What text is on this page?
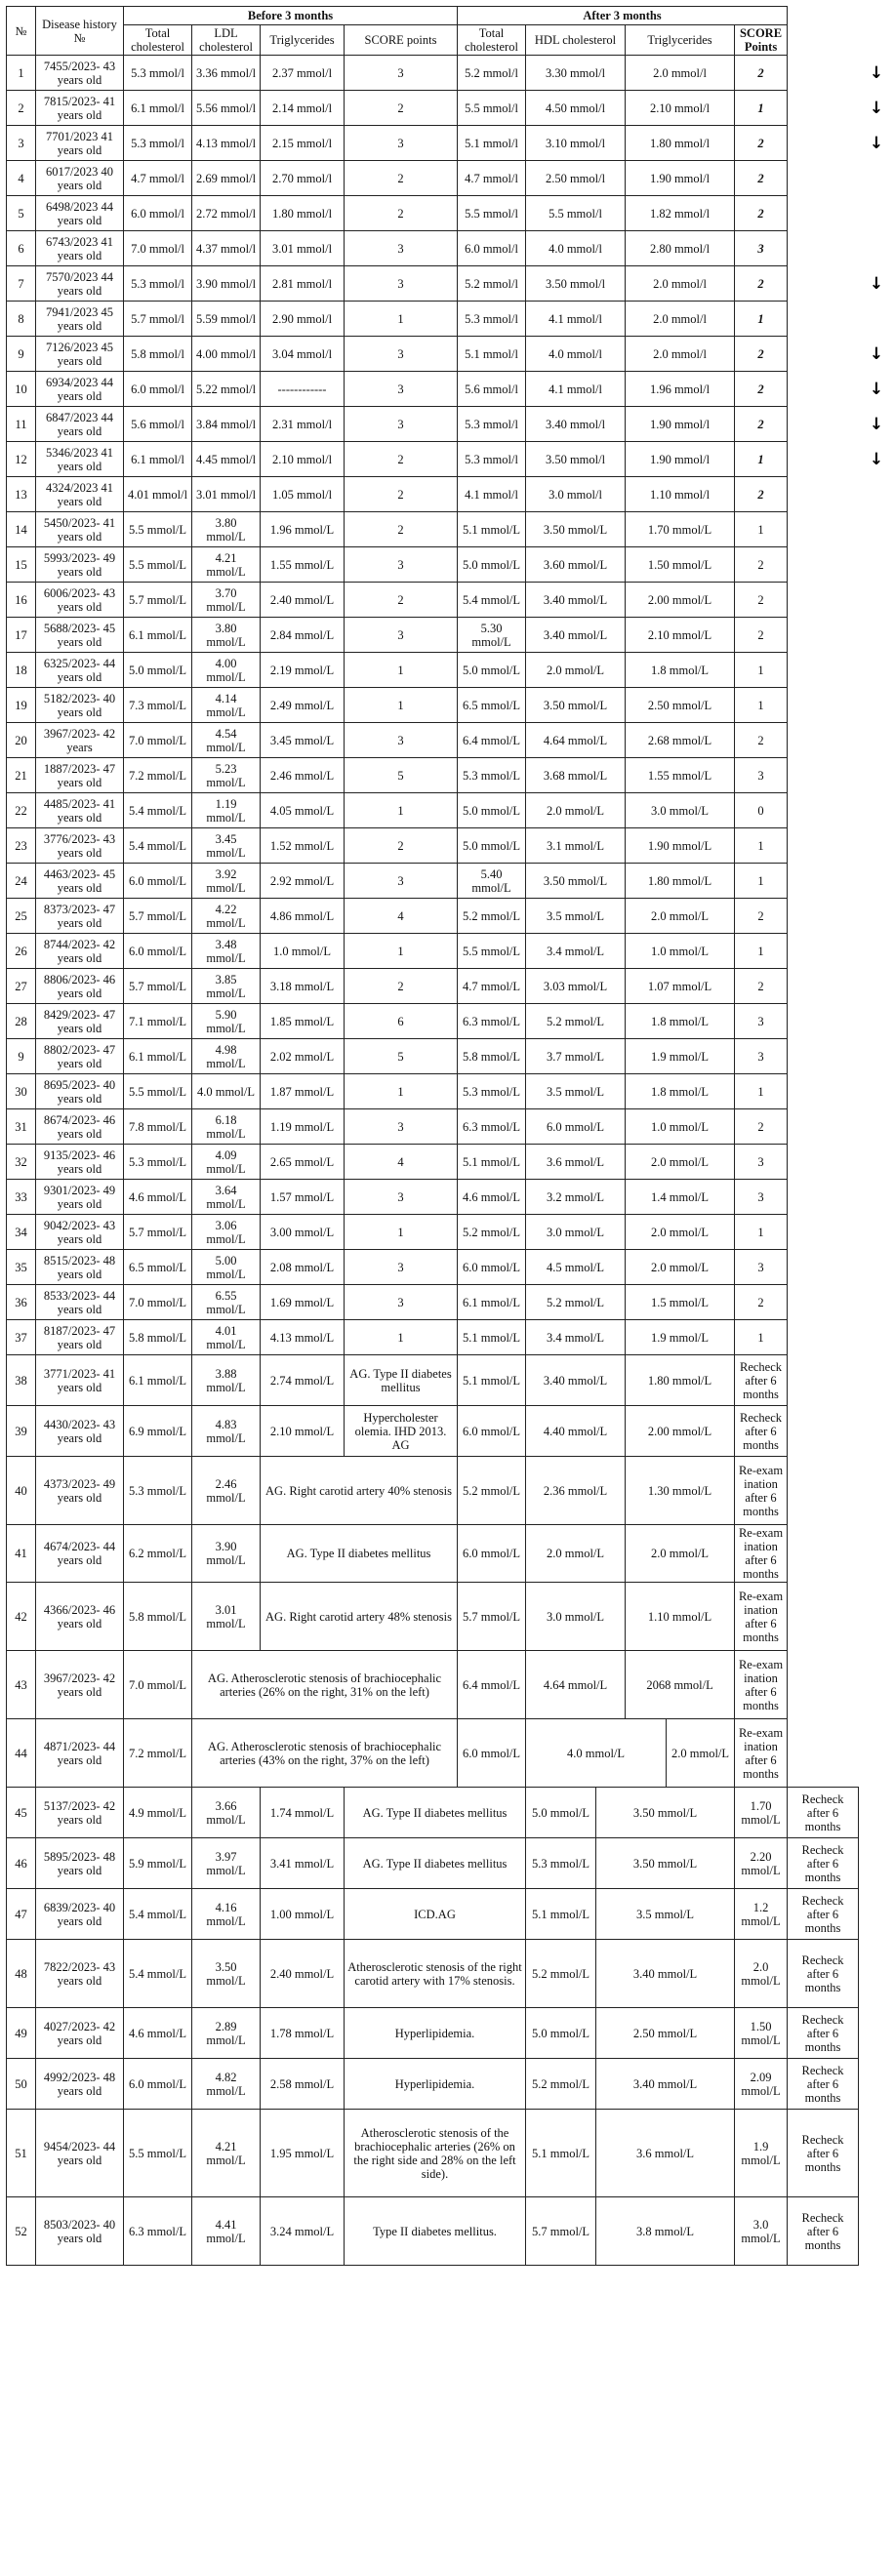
№	Disease history №	Before 3 months				After 3 months						
		Total cholesterol	LDL cholesterol	Triglycerides	SCORE points	Total cholesterol	HDL cholesterol		Triglycerides		SCORE Points	
1	7455/2023- 43 years old	5.3 mmol/l	3.36 mmol/l	2.37 mmol/l	3	5.2 mmol/l	3.30 mmol/l		2.0 mmol/l		2	
2	7815/2023- 41 years old	6.1 mmol/l	5.56 mmol/l	2.14 mmol/l	2	5.5 mmol/l	4.50 mmol/l		2.10 mmol/l		1	
3	7701/2023 41 years old	5.3 mmol/l	4.13 mmol/l	2.15 mmol/l	3	5.1 mmol/l	3.10 mmol/l		1.80 mmol/l		2	
4	6017/2023 40 years old	4.7 mmol/l	2.69 mmol/l	2.70 mmol/l	2	4.7 mmol/l	2.50 mmol/l		1.90 mmol/l		2	
5	6498/2023 44 years old	6.0 mmol/l	2.72 mmol/l	1.80 mmol/l	2	5.5 mmol/l	5.5 mmol/l		1.82 mmol/l		2	
6	6743/2023 41 years old	7.0 mmol/l	4.37 mmol/l	3.01 mmol/l	3	6.0 mmol/l	4.0 mmol/l		2.80 mmol/l		3	
7	7570/2023 44 years old	5.3 mmol/l	3.90 mmol/l	2.81 mmol/l	3	5.2 mmol/l	3.50 mmol/l		2.0 mmol/l		2	
8	7941/2023 45 years old	5.7 mmol/l	5.59 mmol/l	2.90 mmol/l	1	5.3 mmol/l	4.1 mmol/l		2.0 mmol/l		1	
9	7126/2023 45 years old	5.8 mmol/l	4.00 mmol/l	3.04 mmol/l	3	5.1 mmol/l	4.0 mmol/l		2.0 mmol/l		2	
10	6934/2023 44 years old	6.0 mmol/l	5.22 mmol/l	------------	3	5.6 mmol/l	4.1 mmol/l		1.96 mmol/l		2	
11	6847/2023 44 years old	5.6 mmol/l	3.84 mmol/l	2.31 mmol/l	3	5.3 mmol/l	3.40 mmol/l		1.90 mmol/l		2	
12	5346/2023 41 years old	6.1 mmol/l	4.45 mmol/l	2.10 mmol/l	2	5.3 mmol/l	3.50 mmol/l		1.90 mmol/l		1	
13	4324/2023 41 years old	4.01 mmol/l	3.01 mmol/l	1.05 mmol/l	2	4.1 mmol/l	3.0 mmol/l		1.10 mmol/l		2	
14	5450/2023- 41 years old	5.5 mmol/L	3.80 mmol/L	1.96 mmol/L	2	5.1 mmol/L	3.50 mmol/L		1.70 mmol/L		1	
15	5993/2023- 49 years old	5.5 mmol/L	4.21 mmol/L	1.55 mmol/L	3	5.0 mmol/L	3.60 mmol/L		1.50 mmol/L		2	
16	6006/2023- 43 years old	5.7 mmol/L	3.70 mmol/L	2.40 mmol/L	2	5.4 mmol/L	3.40 mmol/L		2.00 mmol/L		2	
17	5688/2023- 45 years old	6.1 mmol/L	3.80 mmol/L	2.84 mmol/L	3	5.30 mmol/L	3.40 mmol/L		2.10 mmol/L		2	
18	6325/2023- 44 years old	5.0 mmol/L	4.00 mmol/L	2.19 mmol/L	1	5.0 mmol/L	2.0 mmol/L		1.8 mmol/L		1	
19	5182/2023- 40 years old	7.3 mmol/L	4.14 mmol/L	2.49 mmol/L	1	6.5 mmol/L	3.50 mmol/L		2.50 mmol/L		1	
20	3967/2023- 42 years	7.0 mmol/L	4.54 mmol/L	3.45 mmol/L	3	6.4 mmol/L	4.64 mmol/L		2.68 mmol/L		2	
21	1887/2023- 47 years old	7.2 mmol/L	5.23 mmol/L	2.46 mmol/L	5	5.3 mmol/L	3.68 mmol/L		1.55 mmol/L		3	
22	4485/2023- 41 years old	5.4 mmol/L	1.19 mmol/L	4.05 mmol/L	1	5.0 mmol/L	2.0 mmol/L		3.0 mmol/L		0	
23	3776/2023- 43 years old	5.4 mmol/L	3.45 mmol/L	1.52 mmol/L	2	5.0 mmol/L	3.1 mmol/L		1.90 mmol/L		1	
24	4463/2023- 45 years old	6.0 mmol/L	3.92 mmol/L	2.92 mmol/L	3	5.40 mmol/L	3.50 mmol/L		1.80 mmol/L		1	
25	8373/2023- 47 years old	5.7 mmol/L	4.22 mmol/L	4.86 mmol/L	4	5.2 mmol/L	3.5 mmol/L		2.0 mmol/L		2	
26	8744/2023- 42 years old	6.0 mmol/L	3.48 mmol/L	1.0 mmol/L	1	5.5 mmol/L	3.4 mmol/L		1.0 mmol/L		1	
27	8806/2023- 46 years old	5.7 mmol/L	3.85 mmol/L	3.18 mmol/L	2	4.7 mmol/L	3.03 mmol/L		1.07 mmol/L		2	
28	8429/2023- 47 years old	7.1 mmol/L	5.90 mmol/L	1.85 mmol/L	6	6.3 mmol/L	5.2 mmol/L		1.8 mmol/L		3	
9	8802/2023- 47 years old	6.1 mmol/L	4.98 mmol/L	2.02 mmol/L	5	5.8 mmol/L	3.7 mmol/L		1.9 mmol/L		3	
30	8695/2023- 40 years old	5.5 mmol/L	4.0 mmol/L	1.87 mmol/L	1	5.3 mmol/L	3.5 mmol/L		1.8 mmol/L		1	
31	8674/2023- 46 years old	7.8 mmol/L	6.18 mmol/L	1.19 mmol/L	3	6.3 mmol/L	6.0 mmol/L		1.0 mmol/L		2	
32	9135/2023- 46 years old	5.3 mmol/L	4.09 mmol/L	2.65 mmol/L	4	5.1 mmol/L	3.6 mmol/L		2.0 mmol/L		3	
33	9301/2023- 49 years old	4.6 mmol/L	3.64 mmol/L	1.57 mmol/L	3	4.6 mmol/L	3.2 mmol/L		1.4 mmol/L		3	
34	9042/2023- 43 years old	5.7 mmol/L	3.06 mmol/L	3.00 mmol/L	1	5.2 mmol/L	3.0 mmol/L		2.0 mmol/L		1	
35	8515/2023- 48 years old	6.5 mmol/L	5.00 mmol/L	2.08 mmol/L	3	6.0 mmol/L	4.5 mmol/L		2.0 mmol/L		3	
36	8533/2023- 44 years old	7.0 mmol/L	6.55 mmol/L	1.69 mmol/L	3	6.1 mmol/L	5.2 mmol/L		1.5 mmol/L		2	
37	8187/2023- 47 years old	5.8 mmol/L	4.01 mmol/L	4.13 mmol/L	1	5.1 mmol/L	3.4 mmol/L		1.9 mmol/L		1	
38	3771/2023- 41 years old	6.1 mmol/L	3.88 mmol/L	2.74 mmol/L	AG. Type II diabetes mellitus	5.1 mmol/L	3.40 mmol/L		1.80 mmol/L		Recheck after 6 months	
39	4430/2023- 43 years old	6.9 mmol/L	4.83 mmol/L	2.10 mmol/L	Hypercholester olemia. IHD 2013. AG	6.0 mmol/L	4.40 mmol/L		2.00 mmol/L		Recheck after 6 months	
40	4373/2023- 49 years old	5.3 mmol/L	2.46 mmol/L	AG. Right carotid artery 40% stenosis		5.2 mmol/L	2.36 mmol/L		1.30 mmol/L		Re-exam ination after 6 months	
41	4674/2023- 44 years old	6.2 mmol/L	3.90 mmol/L	AG. Type II diabetes mellitus		6.0 mmol/L	2.0 mmol/L		2.0 mmol/L		Re-exam ination after 6 months	
42	4366/2023- 46 years old	5.8 mmol/L	3.01 mmol/L	AG. Right carotid artery 48% stenosis		5.7 mmol/L	3.0 mmol/L		1.10 mmol/L		Re-exam ination after 6 months	
43	3967/2023- 42 years old	7.0 mmol/L	AG. Atherosclerotic stenosis of brachiocephalic arteries (26% on the right, 31% on the left)			6.4 mmol/L	4.64 mmol/L		2068 mmol/L		Re-exam ination after 6 months	
44	4871/2023- 44 years old	7.2 mmol/L	AG. Atherosclerotic stenosis of brachiocephalic arteries (43% on the right, 37% on the left)			6.0 mmol/L	4.0 mmol/L			2.0 mmol/L	Re-exam ination after 6 months	
45	5137/2023- 42 years old	4.9 mmol/L	3.66 mmol/L	1.74 mmol/L	AG. Type II diabetes mellitus		5.0 mmol/L	3.50 mmol/L			1.70 mmol/L	Recheck after 6 months
46	5895/2023- 48 years old	5.9 mmol/L	3.97 mmol/L	3.41 mmol/L	AG. Type II diabetes mellitus		5.3 mmol/L	3.50 mmol/L			2.20 mmol/L	Recheck after 6 months
47	6839/2023- 40 years old	5.4 mmol/L	4.16 mmol/L	1.00 mmol/L	ICD.AG		5.1 mmol/L	3.5 mmol/L			1.2 mmol/L	Recheck after 6 months
48	7822/2023- 43 years old	5.4 mmol/L	3.50 mmol/L	2.40 mmol/L	Atherosclerotic stenosis of the right carotid artery with 17% stenosis.		5.2 mmol/L	3.40 mmol/L			2.0 mmol/L	Recheck after 6 months
49	4027/2023- 42 years old	4.6 mmol/L	2.89 mmol/L	1.78 mmol/L	Hyperlipidemia.		5.0 mmol/L	2.50 mmol/L			1.50 mmol/L	Recheck after 6 months
50	4992/2023- 48 years old	6.0 mmol/L	4.82 mmol/L	2.58 mmol/L	Hyperlipidemia.		5.2 mmol/L	3.40 mmol/L			2.09 mmol/L	Recheck after 6 months
51	9454/2023- 44 years old	5.5 mmol/L	4.21 mmol/L	1.95 mmol/L	Atherosclerotic stenosis of the brachiocephalic arteries (26% on the right side and 28% on the left side).		5.1 mmol/L	3.6 mmol/L			1.9 mmol/L	Recheck after 6 months
52	8503/2023- 40 years old	6.3 mmol/L	4.41 mmol/L	3.24 mmol/L	Type II diabetes mellitus.		5.7 mmol/L	3.8 mmol/L			3.0 mmol/L	Recheck after 6 months
↓
↓
↓
↓
↓
↓
↓
↓
